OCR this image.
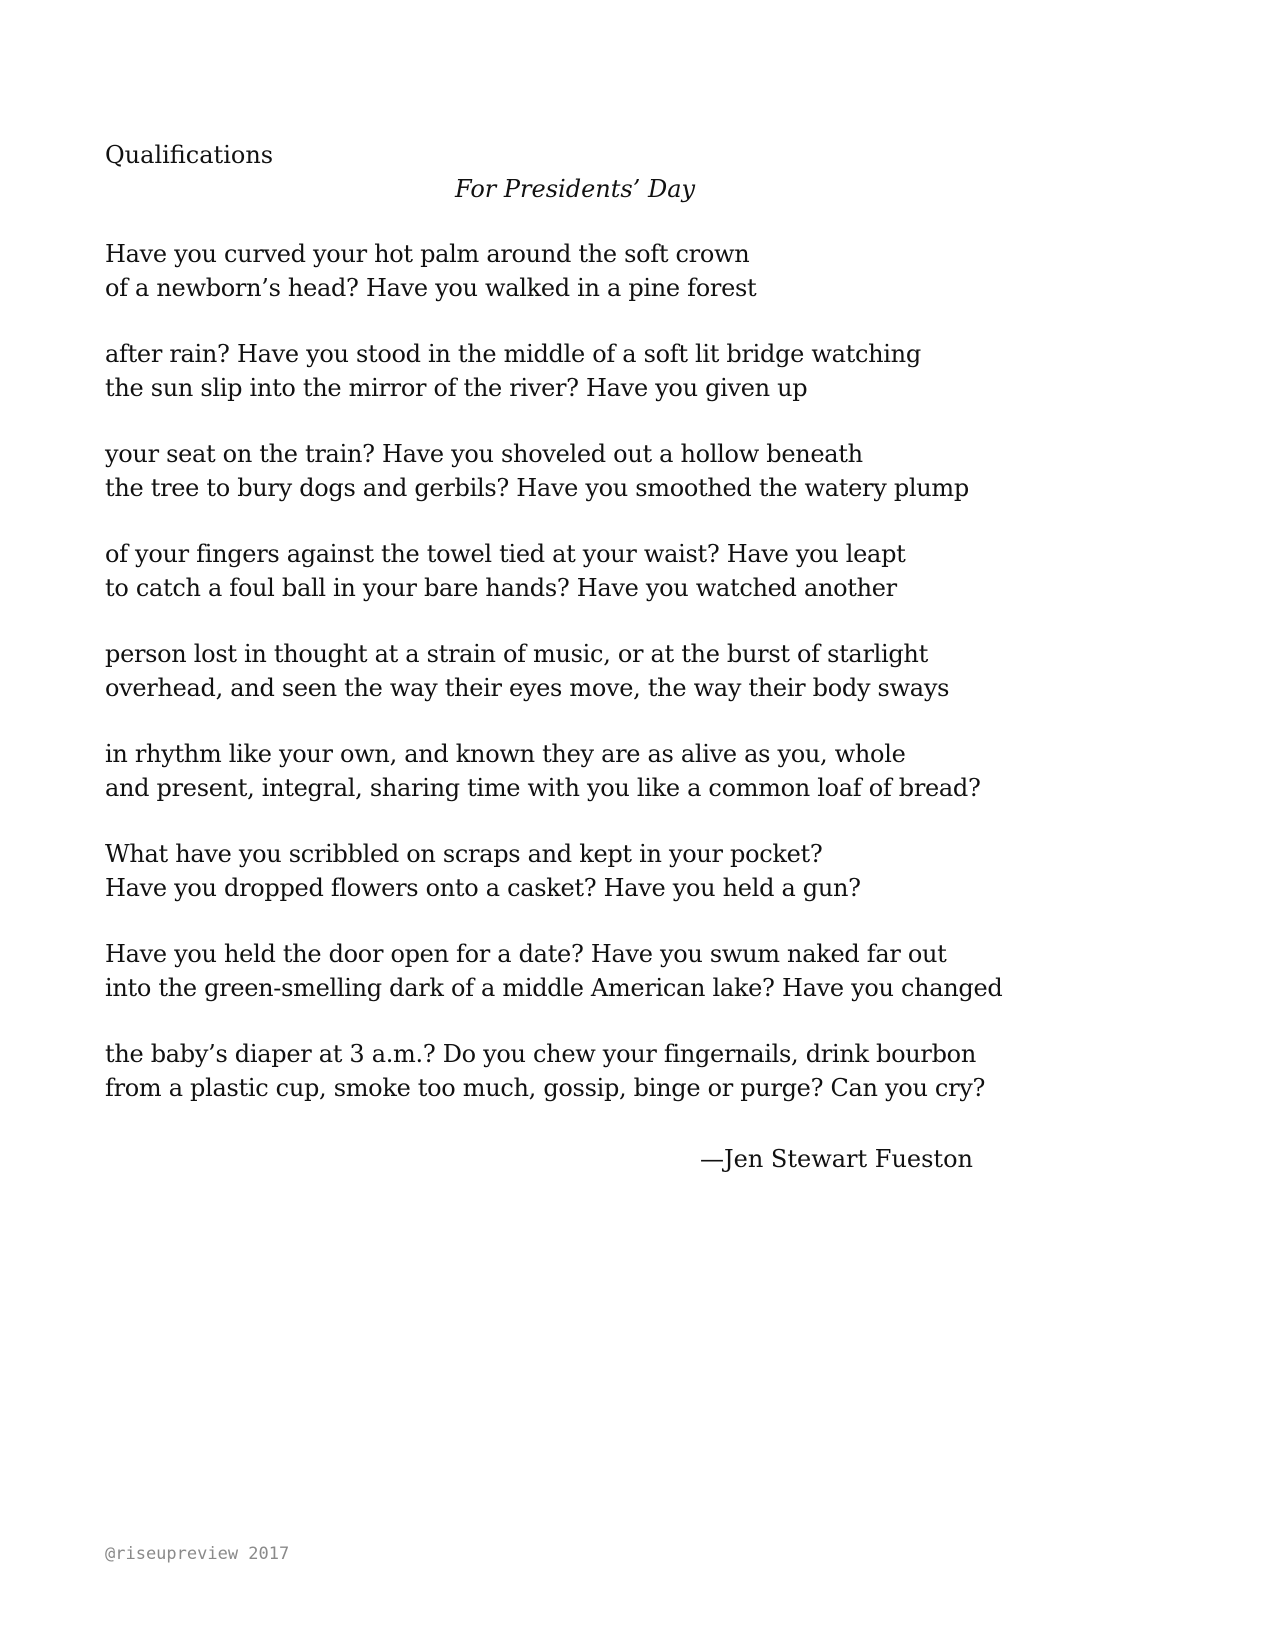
Qualifications
For Presidents’ Day
Have you curved your hot palm around the soft crown
of a newborn’s head? Have you walked in a pine forest
after rain? Have you stood in the middle of a soft lit bridge watching
the sun slip into the mirror of the river? Have you given up
your seat on the train? Have you shoveled out a hollow beneath
the tree to bury dogs and gerbils? Have you smoothed the watery plump
of your fingers against the towel tied at your waist? Have you leapt
to catch a foul ball in your bare hands? Have you watched another
person lost in thought at a strain of music, or at the burst of starlight
overhead, and seen the way their eyes move, the way their body sways
in rhythm like your own, and known they are as alive as you, whole
and present, integral, sharing time with you like a common loaf of bread?
What have you scribbled on scraps and kept in your pocket?
Have you dropped flowers onto a casket? Have you held a gun?
Have you held the door open for a date? Have you swum naked far out
into the green-smelling dark of a middle American lake? Have you changed
the baby’s diaper at 3 a.m.? Do you chew your fingernails, drink bourbon
from a plastic cup, smoke too much, gossip, binge or purge? Can you cry?
—Jen Stewart Fueston
@riseupreview 2017
